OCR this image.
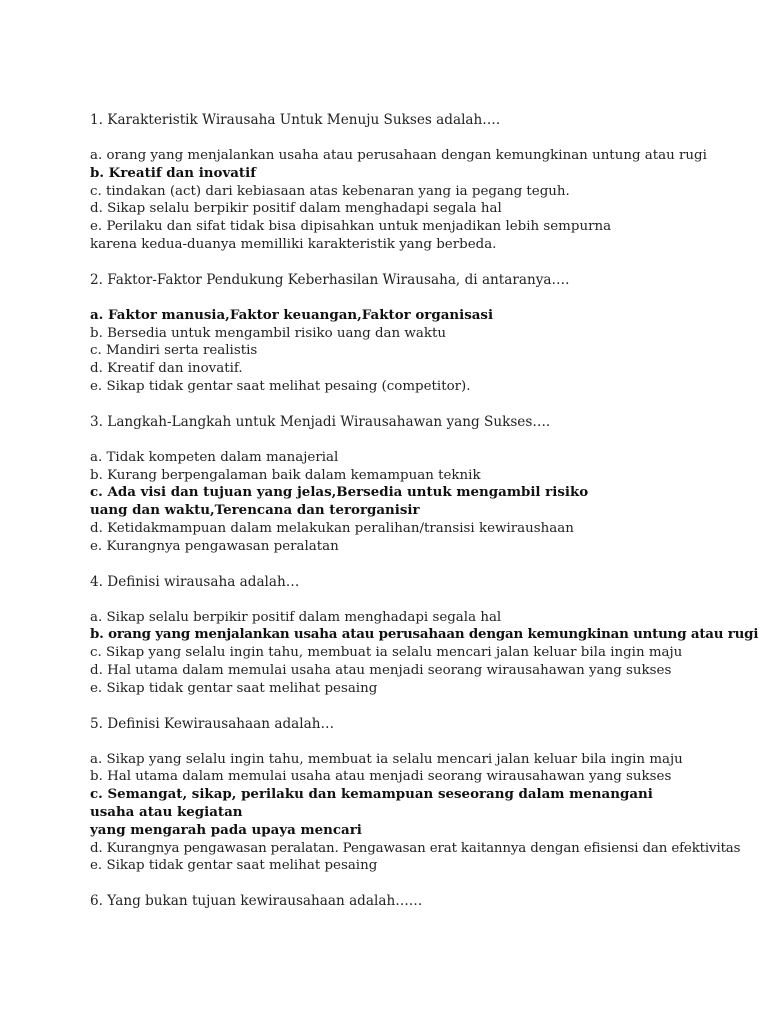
1. Karakteristik Wirausaha Untuk Menuju Sukses adalah….

a. orang yang menjalankan usaha atau perusahaan dengan kemungkinan untung atau rugi

b. Kreatif dan inovatif

c. tindakan (act) dari kebiasaan atas kebenaran yang ia pegang teguh.

d. Sikap selalu berpikir positif dalam menghadapi segala hal

e. Perilaku dan sifat tidak bisa dipisahkan untuk menjadikan lebih sempurna karena kedua-duanya memilliki karakteristik yang berbeda.

2. Faktor-Faktor Pendukung Keberhasilan Wirausaha, di antaranya….

a. Faktor manusia,Faktor keuangan,Faktor organisasi

b. Bersedia untuk mengambil risiko uang dan waktu

c. Mandiri serta realistis

d. Kreatif dan inovatif.

e. Sikap tidak gentar saat melihat pesaing (competitor).

3. Langkah-Langkah untuk Menjadi Wirausahawan yang Sukses….

a. Tidak kompeten dalam manajerial

b. Kurang berpengalaman baik dalam kemampuan teknik

c. Ada visi dan tujuan yang jelas,Bersedia untuk mengambil risiko uang dan waktu,Terencana dan terorganisir

d. Ketidakmampuan dalam melakukan peralihan/transisi kewiraushaan

e. Kurangnya pengawasan peralatan

4. Definisi wirausaha adalah…

a. Sikap selalu berpikir positif dalam menghadapi segala hal

b. orang yang menjalankan usaha atau perusahaan dengan kemungkinan untung atau rugi

c. Sikap yang selalu ingin tahu, membuat ia selalu mencari jalan keluar bila ingin maju

d. Hal utama dalam memulai usaha atau menjadi seorang wirausahawan yang sukses

e. Sikap tidak gentar saat melihat pesaing

5. Definisi Kewirausahaan adalah…

a. Sikap yang selalu ingin tahu, membuat ia selalu mencari jalan keluar bila ingin maju

b. Hal utama dalam memulai usaha atau menjadi seorang wirausahawan yang sukses

c. Semangat, sikap, perilaku dan kemampuan seseorang dalam menangani usaha atau kegiatan

yang mengarah pada upaya mencari

d. Kurangnya pengawasan peralatan. Pengawasan erat kaitannya dengan efisiensi dan efektivitas

e. Sikap tidak gentar saat melihat pesaing

6. Yang bukan tujuan kewirausahaan adalah……
